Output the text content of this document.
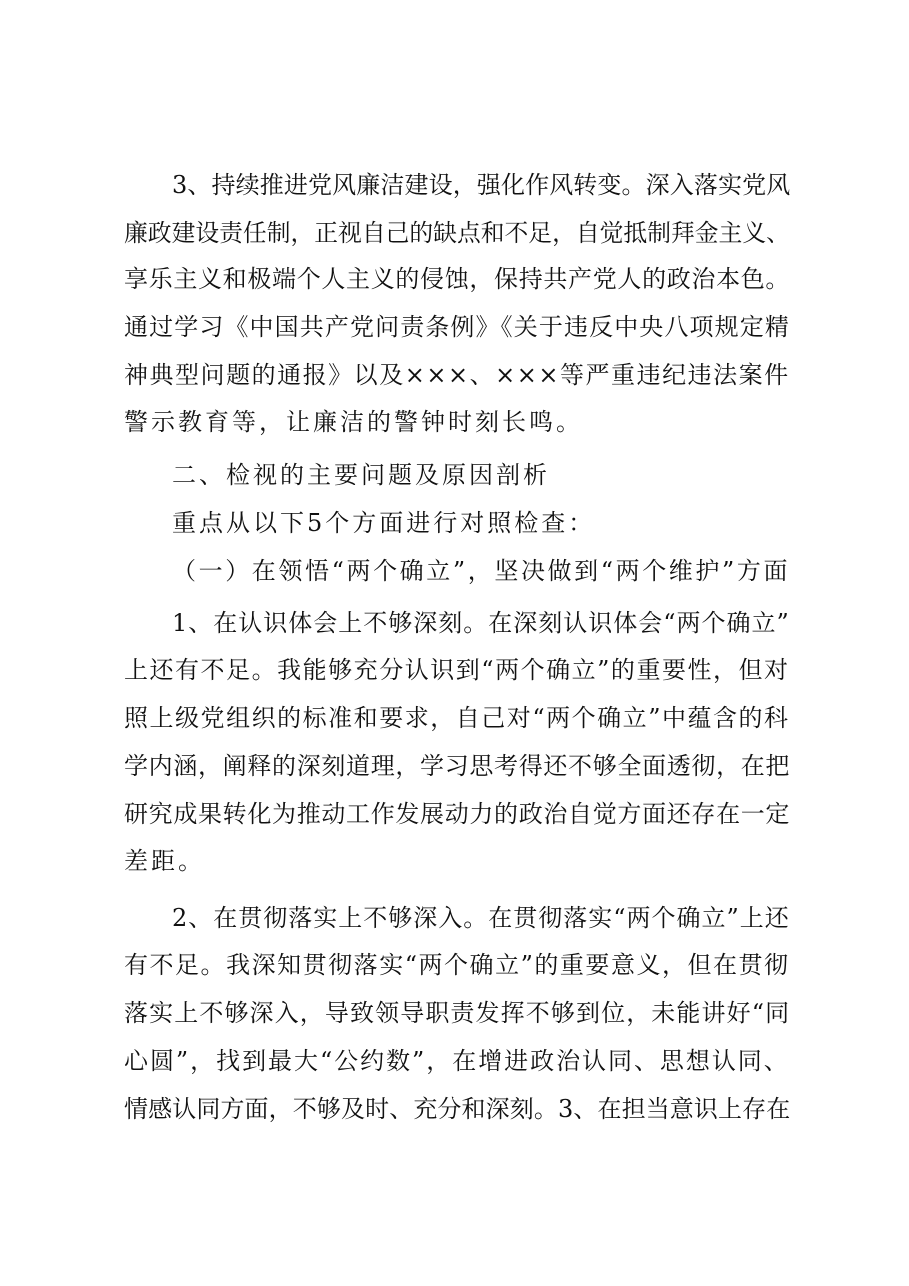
3、持续推进党风廉洁建设，强化作风转变。深入落实党风
廉政建设责任制，正视自己的缺点和不足，自觉抵制拜金主义、
享乐主义和极端个人主义的侵蚀，保持共产党人的政治本色。
通过学习《中国共产党问责条例》《关于违反中央八项规定精
神典型问题的通报》以及×××、×××等严重违纪违法案件
警示教育等，让廉洁的警钟时刻长鸣。
二、检视的主要问题及原因剖析
重点从以下5个方面进行对照检查：
（一）在领悟“两个确立”，坚决做到“两个维护”方面
1、在认识体会上不够深刻。在深刻认识体会“两个确立”
上还有不足。我能够充分认识到“两个确立”的重要性，但对
照上级党组织的标准和要求，自己对“两个确立”中蕴含的科
学内涵，阐释的深刻道理，学习思考得还不够全面透彻，在把
研究成果转化为推动工作发展动力的政治自觉方面还存在一定
差距。
2、在贯彻落实上不够深入。在贯彻落实“两个确立”上还
有不足。我深知贯彻落实“两个确立”的重要意义，但在贯彻
落实上不够深入，导致领导职责发挥不够到位，未能讲好“同
心圆”，找到最大“公约数”，在增进政治认同、思想认同、
情感认同方面，不够及时、充分和深刻。3、在担当意识上存在
